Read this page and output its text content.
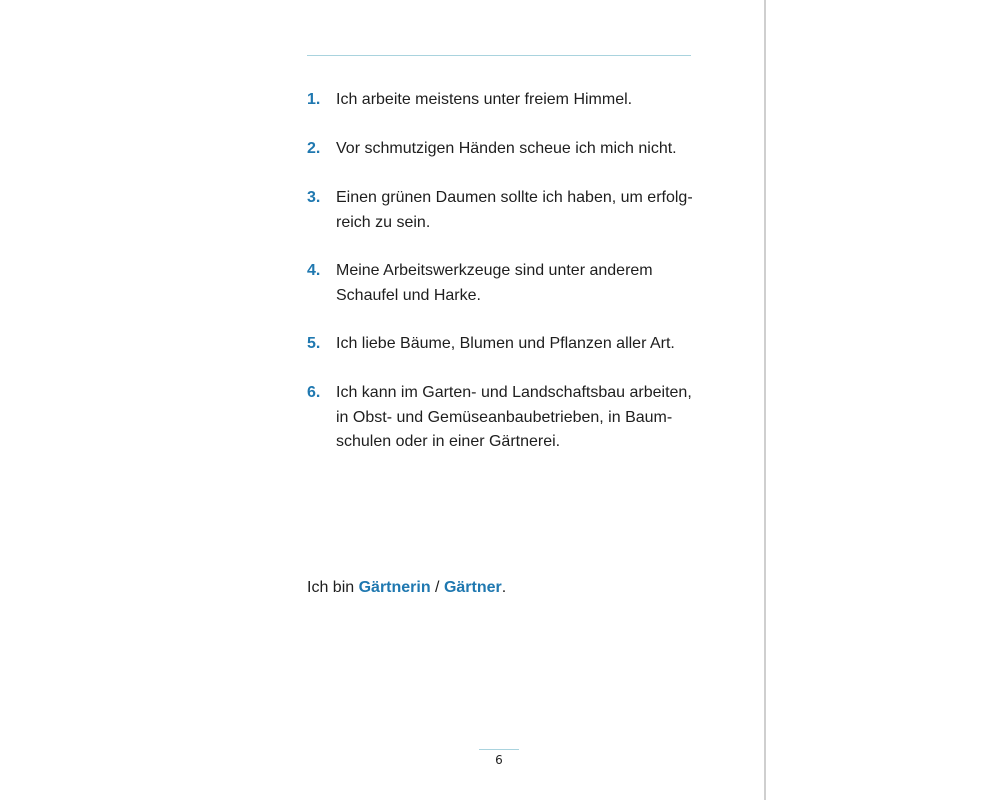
1. Ich arbeite meistens unter freiem Himmel.
2. Vor schmutzigen Händen scheue ich mich nicht.
3. Einen grünen Daumen sollte ich haben, um erfolg-
reich zu sein.
4. Meine Arbeitswerkzeuge sind unter anderem
Schaufel und Harke.
5. Ich liebe Bäume, Blumen und Pflanzen aller Art.
6. Ich kann im Garten- und Landschaftsbau arbeiten,
in Obst- und Gemüseanbaubetrieben, in Baum-
schulen oder in einer Gärtnerei.

Ich bin Gärtnerin / Gärtner.

6
